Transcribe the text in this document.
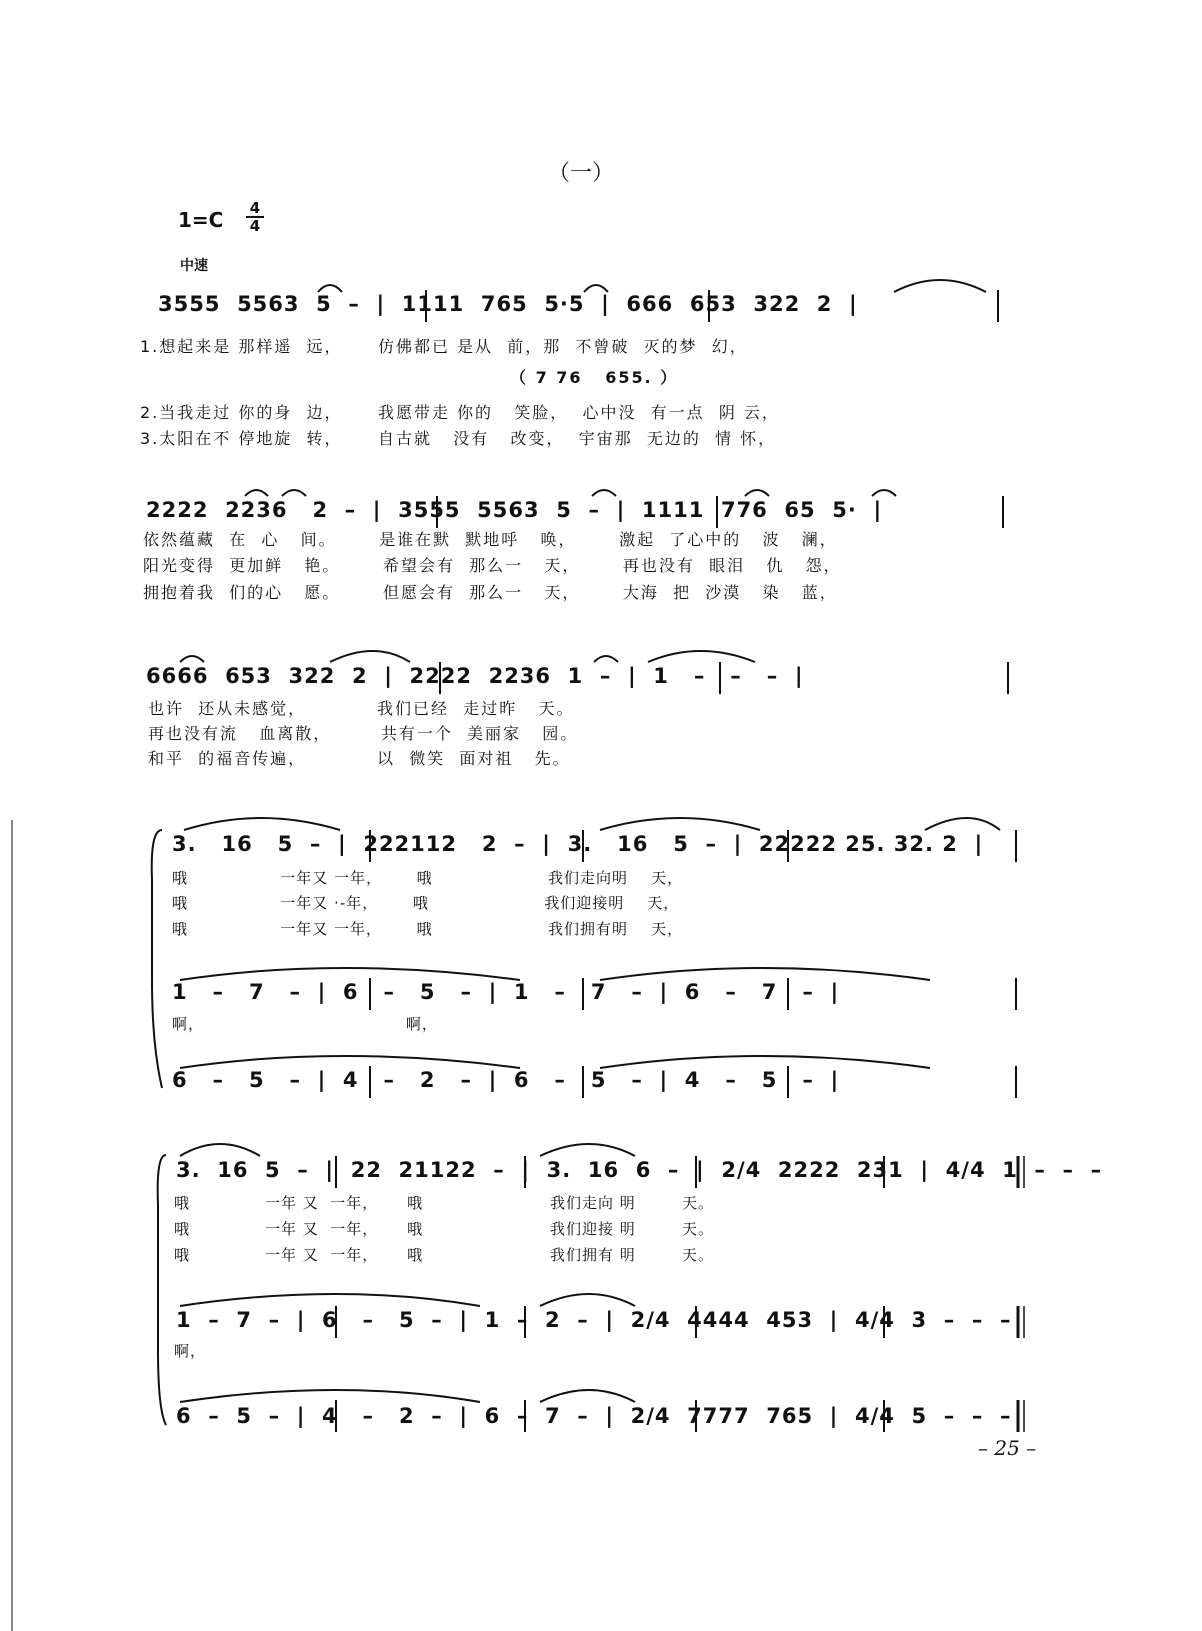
（一）
1=C 4
4
中速
3555  5563  5  –  |  1111  765  5·5  |  666  653  322  2  |
1.想起来是 那样遥  远，     仿佛都已 是从  前，那  不曾破  灭的梦  幻，
（ 7 76   655. ）
2.当我走过 你的身  边，     我愿带走 你的   笑脸，  心中没  有一点  阴 云，
3.太阳在不 停地旋  转，     自古就   没有   改变，  宇宙那  无边的  情 怀，
2222  2236   2  –  |  3555  5563  5  –  |  1111  776  65  5·  |
依然蕴藏  在  心   间。      是谁在默  默地呼   唤，      激起  了心中的   波   澜，
阳光变得  更加鲜   艳。      希望会有  那么一   天，      再也没有  眼泪   仇   怨，
拥抱着我  们的心   愿。      但愿会有  那么一   天，      大海  把  沙漠   染   蓝，
6666  653  322  2  |  2222  2236  1  –  |  1   –   –   –  |
也许  还从未感觉，          我们已经  走过昨   天。
再也没有流   血离散，       共有一个  美丽家   园。
和平  的福音传遍，          以  微笑  面对祖   先。
3.   16   5  –  |  222112   2  –  |  3.   16   5  –  |  22222 25. 32. 2  |
哦                一年又 一年，      哦                    我们走向明    天，
哦                一年又 ·-年，      哦                    我们迎接明    天，
哦                一年又 一年，      哦                    我们拥有明    天，
1   –   7   –  |  6   –   5   –  |  1   –   7   –  |  6   –   7   –  |
啊，                                   啊，
6   –   5   –  |  4   –   2   –  |  6   –   5   –  |  4   –   5   –  |
3.  16  5  –  |  22  21122  –  |  3.  16  6  –  |  2/4  2222  231  |  4/4  1  –  –  –
哦             一年 又  一年，     哦                      我们走向 明        天。
哦             一年 又  一年，     哦                      我们迎接 明        天。
哦             一年 又  一年，     哦                      我们拥有 明        天。
1  –  7  –  |  6   –   5  –  |  1  –  2  –  |  2/4  4444  453  |  4/4  3  –  –  –
啊，
6  –  5  –  |  4   –   2  –  |  6  –  7  –  |  2/4  7777  765  |  4/4  5  –  –  –
– 25 –
